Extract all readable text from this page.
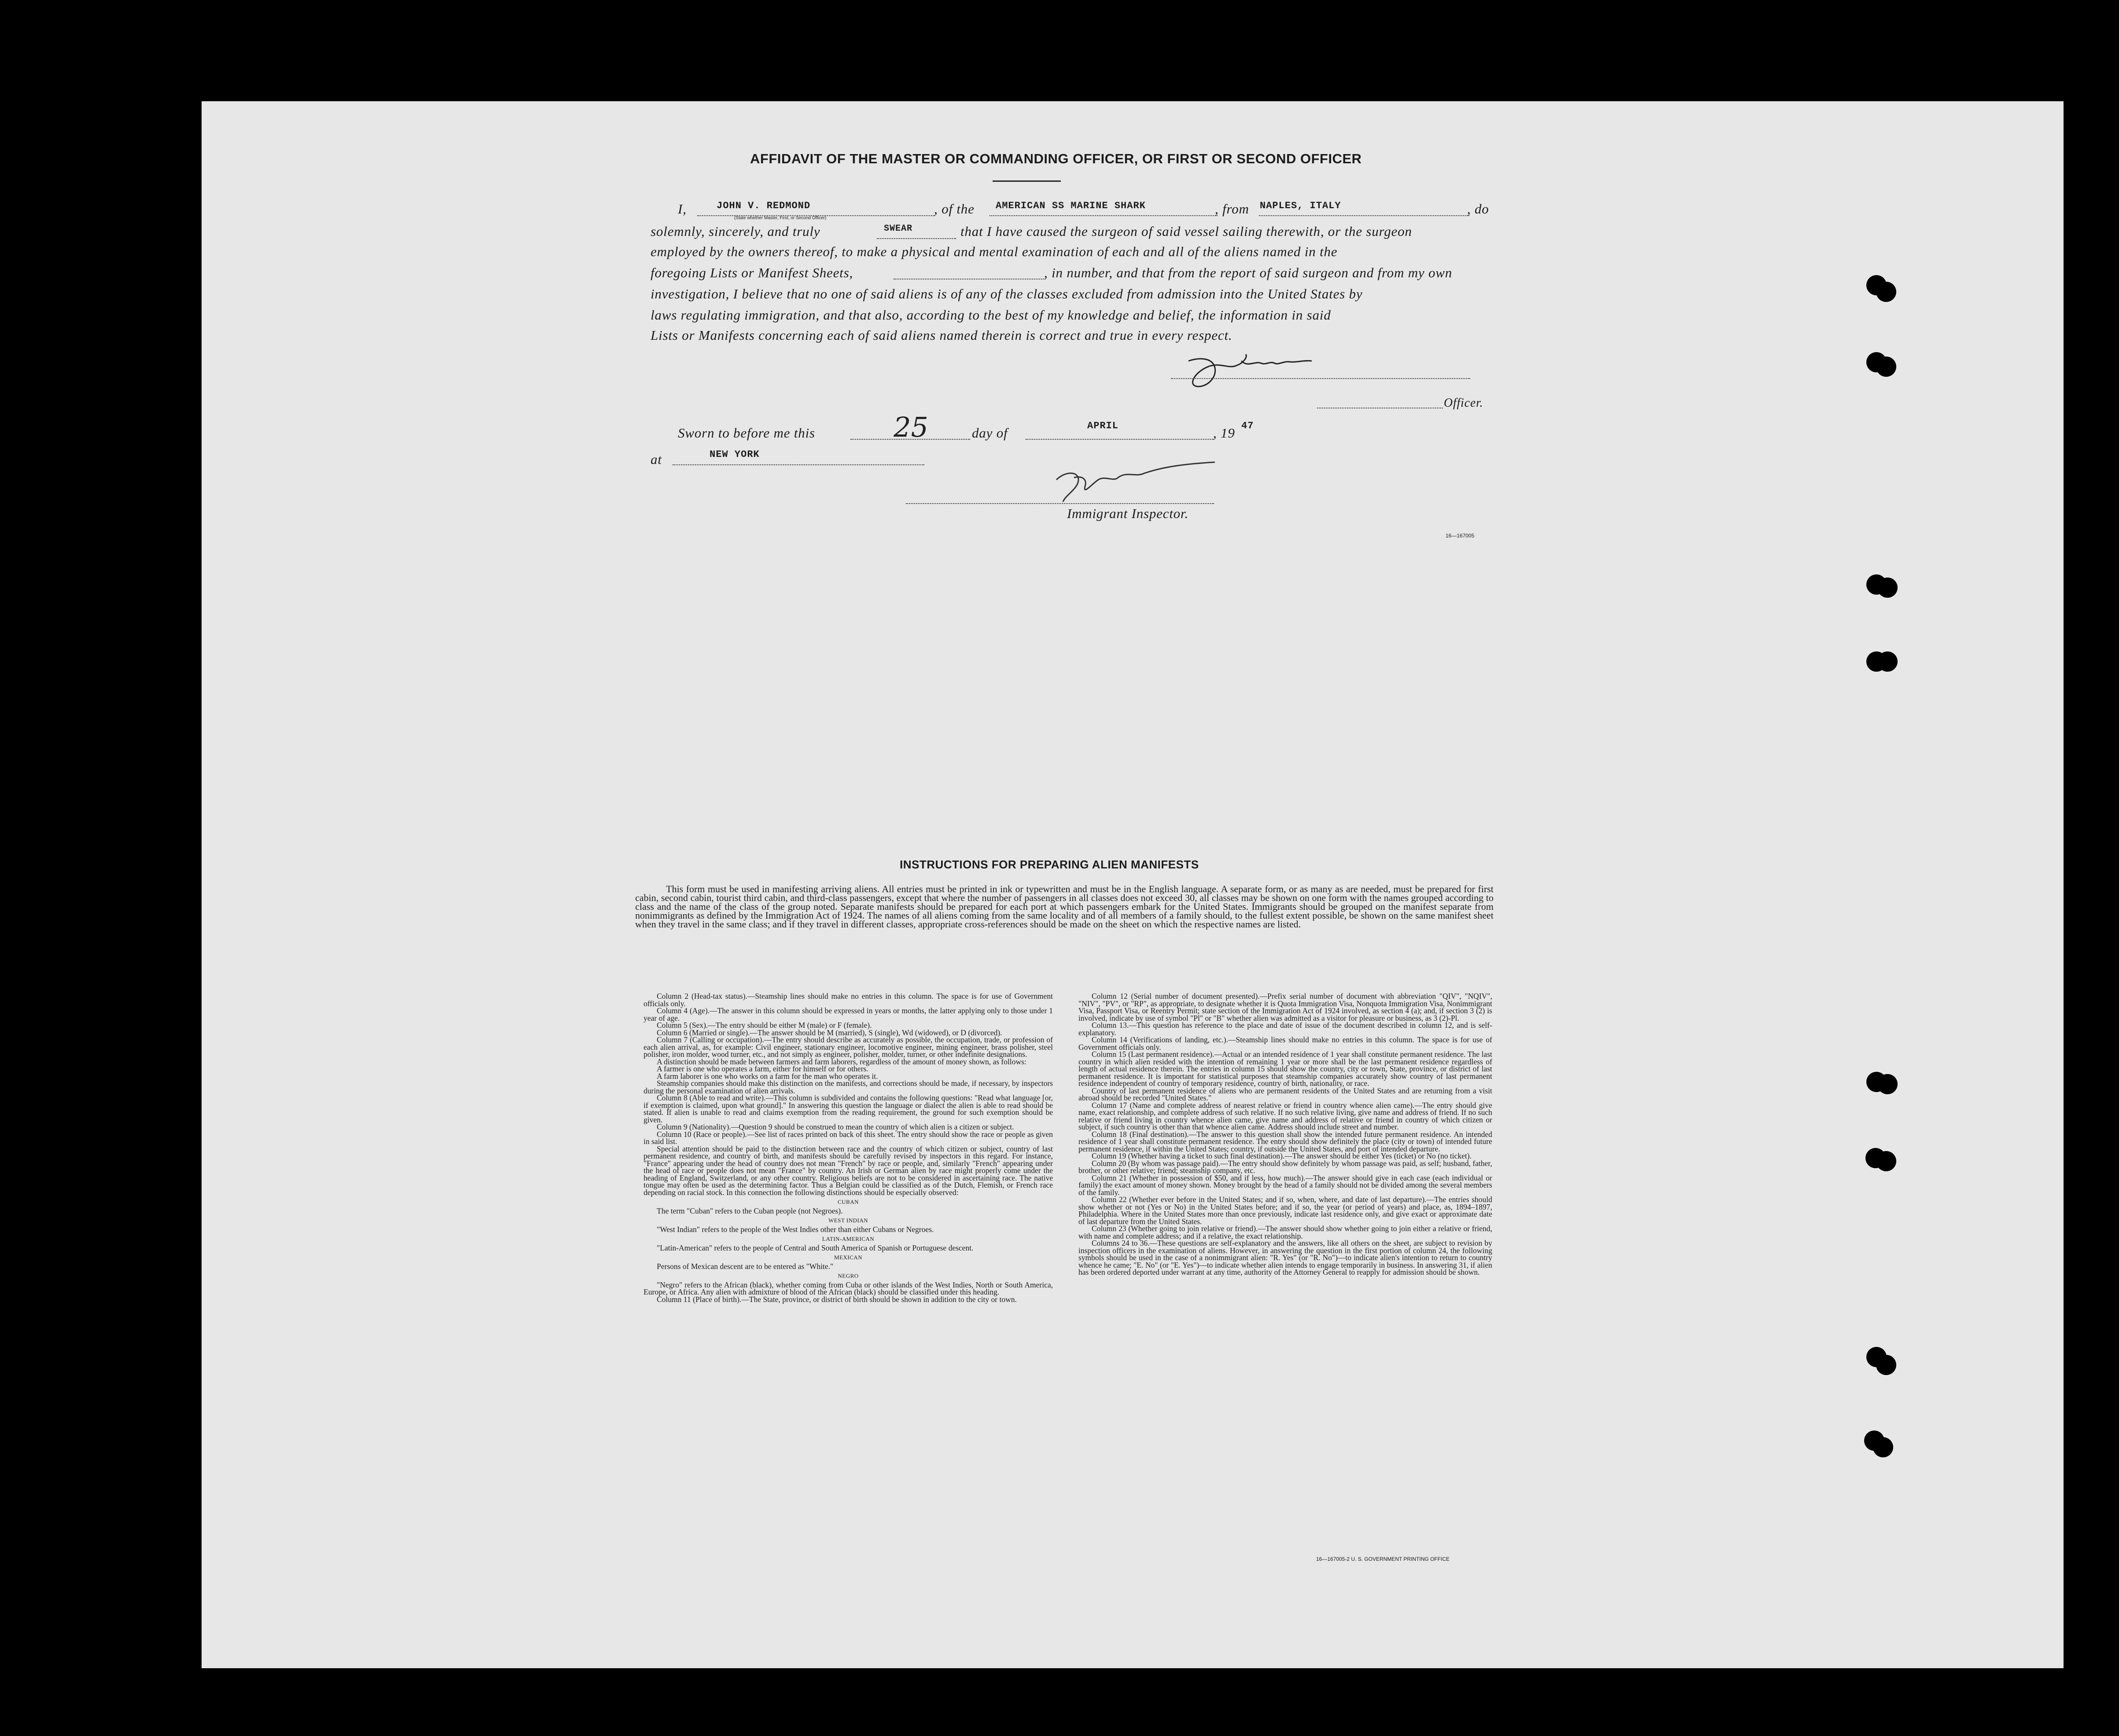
AFFIDAVIT OF THE MASTER OR COMMANDING OFFICER, OR FIRST OR SECOND OFFICER
I,	JOHN V. REDMOND
(State whether Master, First, or Second Officer)
, of the AMERICAN SS MARINE SHARK	, from NAPLES, ITALY	, do
solemnly, sincerely, and truly	SWEAR	that I have caused the surgeon of said vessel sailing therewith, or the surgeon
employed by the owners thereof, to make a physical and mental examination of each and all of the aliens named in the
foregoing Lists or Manifest Sheets,	, in number, and that from the report of said surgeon and from my own
investigation, I believe that no one of said aliens is of any of the classes excluded from admission into the United States by
laws regulating immigration, and that also, according to the best of my knowledge and belief, the information in said
Lists or Manifests concerning each of said aliens named therein is correct and true in every respect.
Officer.
Sworn to before me this	25	day of	APRIL	, 19 47
at	NEW YORK
Immigrant Inspector.
16—167005
INSTRUCTIONS FOR PREPARING ALIEN MANIFESTS
This form must be used in manifesting arriving aliens. All entries must be printed in ink or typewritten and must be in the English language. A separate form, or as many as are needed, must be prepared for first cabin, second cabin, tourist third cabin, and third-class passengers, except that where the number of passengers in all classes does not exceed 30, all classes may be shown on one form with the names grouped according to class and the name of the class of the group noted. Separate manifests should be prepared for each port at which passengers embark for the United States. Immigrants should be grouped on the manifest separate from nonimmigrants as defined by the Immigration Act of 1924. The names of all aliens coming from the same locality and of all members of a family should, to the fullest extent possible, be shown on the same manifest sheet when they travel in the same class; and if they travel in different classes, appropriate cross-references should be made on the sheet on which the respective names are listed.

Column 2 (Head-tax status).—Steamship lines should make no entries in this column. The space is for use of Government officials only.

Column 4 (Age).—The answer in this column should be expressed in years or months, the latter applying only to those under 1 year of age.

Column 5 (Sex).—The entry should be either M (male) or F (female).

Column 6 (Married or single).—The answer should be M (married), S (single), Wd (widowed), or D (divorced).

Column 7 (Calling or occupation).—The entry should describe as accurately as possible, the occupation, trade, or profession of each alien arrival, as, for example: Civil engineer, stationary engineer, locomotive engineer, mining engineer, brass polisher, steel polisher, iron molder, wood turner, etc., and not simply as engineer, polisher, molder, turner, or other indefinite designations.

A distinction should be made between farmers and farm laborers, regardless of the amount of money shown, as follows:

A farmer is one who operates a farm, either for himself or for others.

A farm laborer is one who works on a farm for the man who operates it.

Steamship companies should make this distinction on the manifests, and corrections should be made, if necessary, by inspectors during the personal examination of alien arrivals.

Column 8 (Able to read and write).—This column is subdivided and contains the following questions: "Read what language [or, if exemption is claimed, upon what ground]." In answering this question the language or dialect the alien is able to read should be stated. If alien is unable to read and claims exemption from the reading requirement, the ground for such exemption should be given.

Column 9 (Nationality).—Question 9 should be construed to mean the country of which alien is a citizen or subject.

Column 10 (Race or people).—See list of races printed on back of this sheet. The entry should show the race or people as given in said list.

Special attention should be paid to the distinction between race and the country of which citizen or subject, country of last permanent residence, and country of birth, and manifests should be carefully revised by inspectors in this regard. For instance, "France" appearing under the head of country does not mean "French" by race or people, and, similarly "French" appearing under the head of race or people does not mean "France" by country. An Irish or German alien by race might properly come under the heading of England, Switzerland, or any other country. Religious beliefs are not to be considered in ascertaining race. The native tongue may often be used as the determining factor. Thus a Belgian could be classified as of the Dutch, Flemish, or French race depending on racial stock. In this connection the following distinctions should be especially observed:

CUBAN

The term "Cuban" refers to the Cuban people (not Negroes).

WEST INDIAN

"West Indian" refers to the people of the West Indies other than either Cubans or Negroes.

LATIN-AMERICAN

"Latin-American" refers to the people of Central and South America of Spanish or Portuguese descent.

MEXICAN

Persons of Mexican descent are to be entered as "White."

NEGRO

"Negro" refers to the African (black), whether coming from Cuba or other islands of the West Indies, North or South America, Europe, or Africa. Any alien with admixture of blood of the African (black) should be classified under this heading.

Column 11 (Place of birth).—The State, province, or district of birth should be shown in addition to the city or town.

Column 12 (Serial number of document presented).—Prefix serial number of document with abbreviation "QIV", "NQIV", "NIV", "PV", or "RP", as appropriate, to designate whether it is Quota Immigration Visa, Nonquota Immigration Visa, Nonimmigrant Visa, Passport Visa, or Reentry Permit; state section of the Immigration Act of 1924 involved, as section 4 (a); and, if section 3 (2) is involved, indicate by use of symbol "Pl" or "B" whether alien was admitted as a visitor for pleasure or business, as 3 (2)-Pl.

Column 13.—This question has reference to the place and date of issue of the document described in column 12, and is self-explanatory.

Column 14 (Verifications of landing, etc.).—Steamship lines should make no entries in this column. The space is for use of Government officials only.

Column 15 (Last permanent residence).—Actual or an intended residence of 1 year shall constitute permanent residence. The last country in which alien resided with the intention of remaining 1 year or more shall be the last permanent residence regardless of length of actual residence therein. The entries in column 15 should show the country, city or town, State, province, or district of last permanent residence. It is important for statistical purposes that steamship companies accurately show country of last permanent residence independent of country of temporary residence, country of birth, nationality, or race.

Country of last permanent residence of aliens who are permanent residents of the United States and are returning from a visit abroad should be recorded "United States."

Column 17 (Name and complete address of nearest relative or friend in country whence alien came).—The entry should give name, exact relationship, and complete address of such relative. If no such relative living, give name and address of friend. If no such relative or friend living in country whence alien came, give name and address of relative or friend in country of which citizen or subject, if such country is other than that whence alien came. Address should include street and number.

Column 18 (Final destination).—The answer to this question shall show the intended future permanent residence. An intended residence of 1 year shall constitute permanent residence. The entry should show definitely the place (city or town) of intended future permanent residence, if within the United States; country, if outside the United States, and port of intended departure.

Column 19 (Whether having a ticket to such final destination).—The answer should be either Yes (ticket) or No (no ticket).

Column 20 (By whom was passage paid).—The entry should show definitely by whom passage was paid, as self; husband, father, brother, or other relative; friend; steamship company, etc.

Column 21 (Whether in possession of $50, and if less, how much).—The answer should give in each case (each individual or family) the exact amount of money shown. Money brought by the head of a family should not be divided among the several members of the family.

Column 22 (Whether ever before in the United States; and if so, when, where, and date of last departure).—The entries should show whether or not (Yes or No) in the United States before; and if so, the year (or period of years) and place, as, 1894–1897, Philadelphia. Where in the United States more than once previously, indicate last residence only, and give exact or approximate date of last departure from the United States.

Column 23 (Whether going to join relative or friend).—The answer should show whether going to join either a relative or friend, with name and complete address; and if a relative, the exact relationship.

Columns 24 to 36.—These questions are self-explanatory and the answers, like all others on the sheet, are subject to revision by inspection officers in the examination of aliens. However, in answering the question in the first portion of column 24, the following symbols should be used in the case of a nonimmigrant alien: "R. Yes" (or "R. No")—to indicate alien's intention to return to country whence he came; "E. No" (or "E. Yes")—to indicate whether alien intends to engage temporarily in business. In answering 31, if alien has been ordered deported under warrant at any time, authority of the Attorney General to reapply for admission should be shown.

16—167005-2 U. S. GOVERNMENT PRINTING OFFICE
